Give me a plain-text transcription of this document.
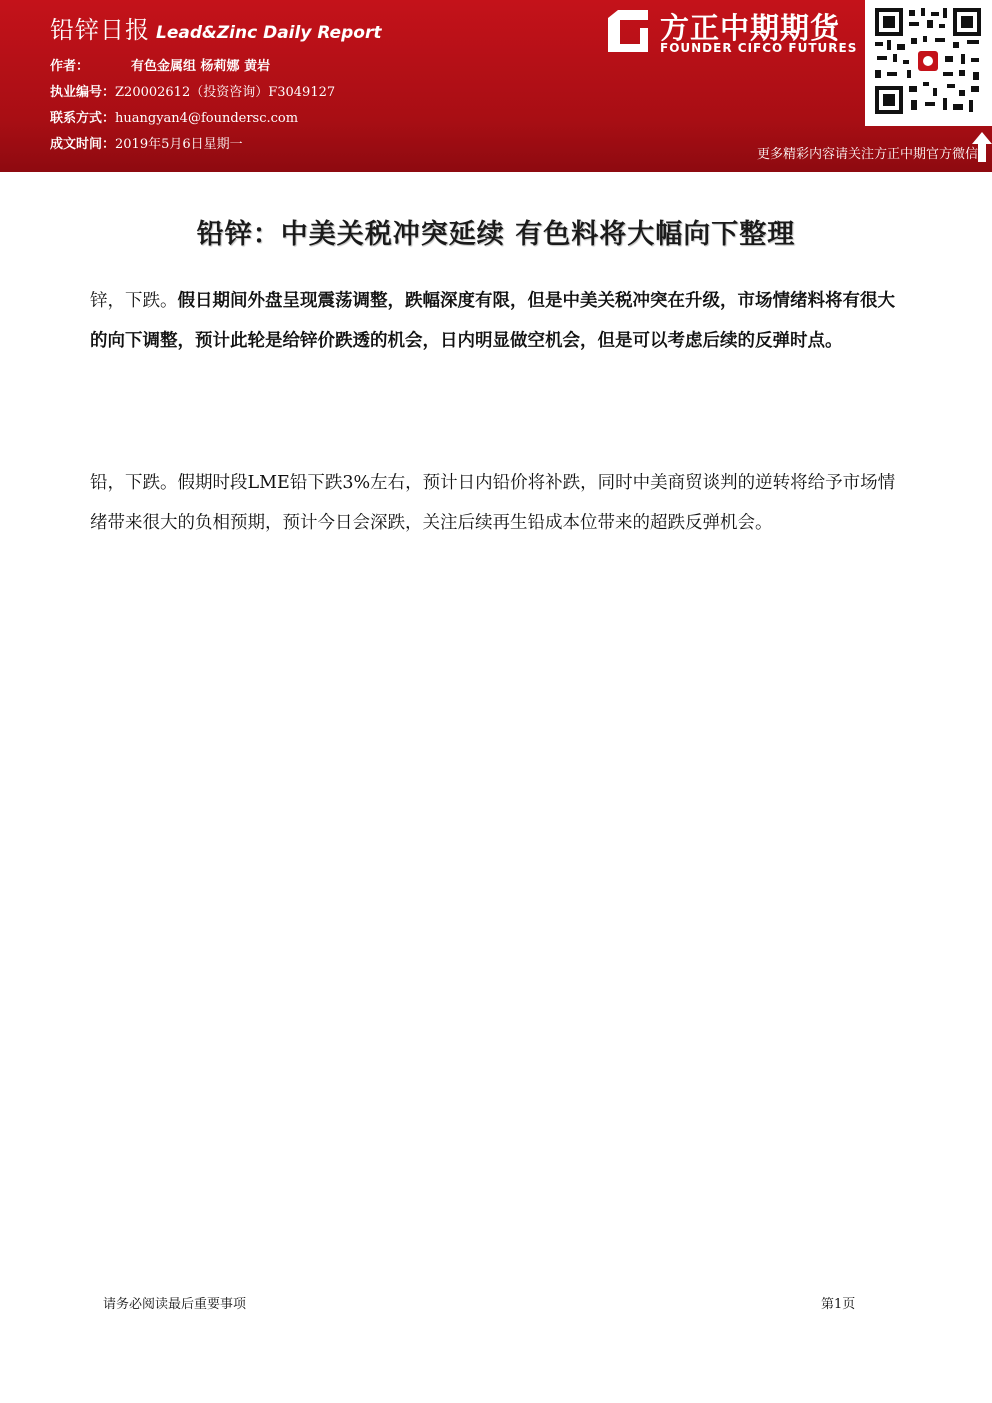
铅锌日报 Lead&Zinc Daily Report
作者：	有色金属组 杨莉娜 黄岩
执业编号：Z20002612（投资咨询）F3049127
联系方式：huangyan4@foundersc.com
成文时间：2019年5月6日星期一
方正中期期货
FOUNDER CIFCO FUTURES
更多精彩内容请关注方正中期官方微信
铅锌：中美关税冲突延续 有色料将大幅向下整理
锌，下跌。假日期间外盘呈现震荡调整，跌幅深度有限，但是中美关税冲突在升级，市场情绪料将有很大的向下调整，预计此轮是给锌价跌透的机会，日内明显做空机会，但是可以考虑后续的反弹时点。
铅，下跌。假期时段LME铅下跌3%左右，预计日内铅价将补跌，同时中美商贸谈判的逆转将给予市场情绪带来很大的负相预期，预计今日会深跌，关注后续再生铅成本位带来的超跌反弹机会。
请务必阅读最后重要事项	第1页
